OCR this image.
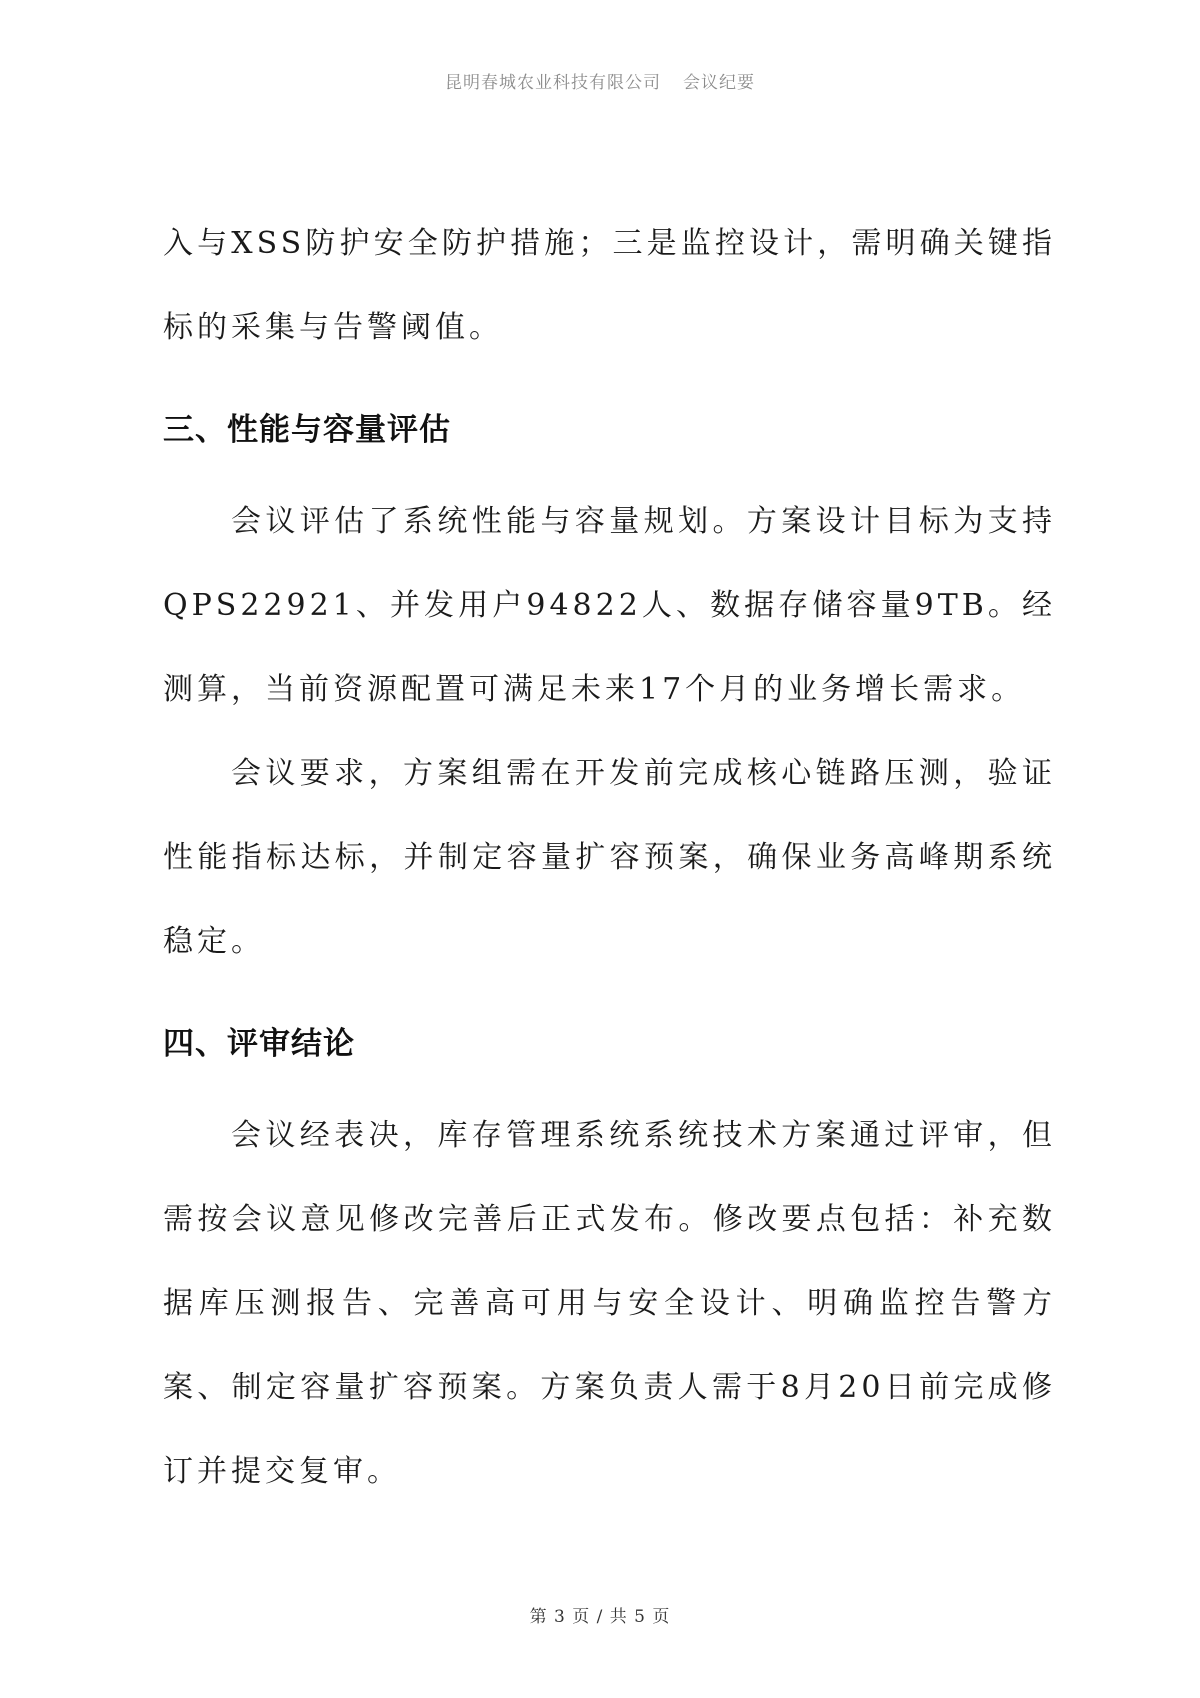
昆明春城农业科技有限公司 会议纪要

入与XSS防护安全防护措施；三是监控设计，需明确关键指标的采集与告警阈值。

三、性能与容量评估

会议评估了系统性能与容量规划。方案设计目标为支持QPS22921、并发用户94822人、数据存储容量9TB。经测算，当前资源配置可满足未来17个月的业务增长需求。

会议要求，方案组需在开发前完成核心链路压测，验证性能指标达标，并制定容量扩容预案，确保业务高峰期系统稳定。

四、评审结论

会议经表决，库存管理系统系统技术方案通过评审，但需按会议意见修改完善后正式发布。修改要点包括：补充数据库压测报告、完善高可用与安全设计、明确监控告警方案、制定容量扩容预案。方案负责人需于8月20日前完成修订并提交复审。

第 3 页 / 共 5 页
